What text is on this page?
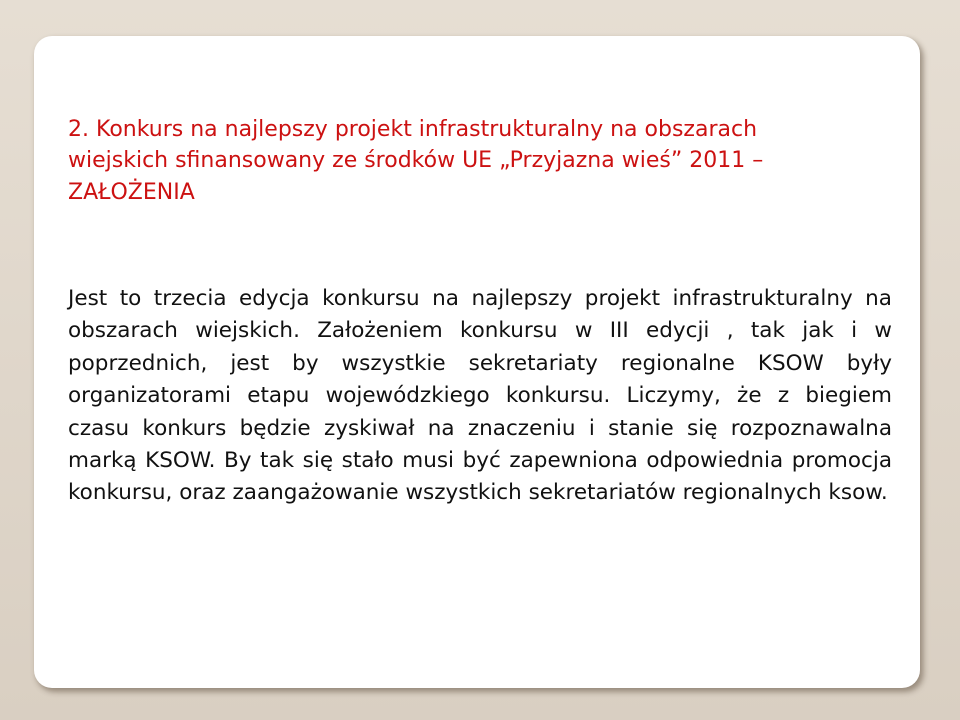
2. Konkurs na najlepszy projekt infrastrukturalny na obszarach
wiejskich sfinansowany ze środków UE „Przyjazna wieś” 2011 –
ZAŁOŻENIA

Jest to trzecia edycja konkursu na najlepszy projekt infrastrukturalny na obszarach wiejskich. Założeniem konkursu w III edycji , tak jak i w poprzednich, jest by wszystkie sekretariaty regionalne KSOW były organizatorami etapu wojewódzkiego konkursu. Liczymy, że z biegiem czasu konkurs będzie zyskiwał na znaczeniu i stanie się rozpoznawalna marką KSOW. By tak się stało musi być zapewniona odpowiednia promocja konkursu, oraz zaangażowanie wszystkich sekretariatów regionalnych ksow.
